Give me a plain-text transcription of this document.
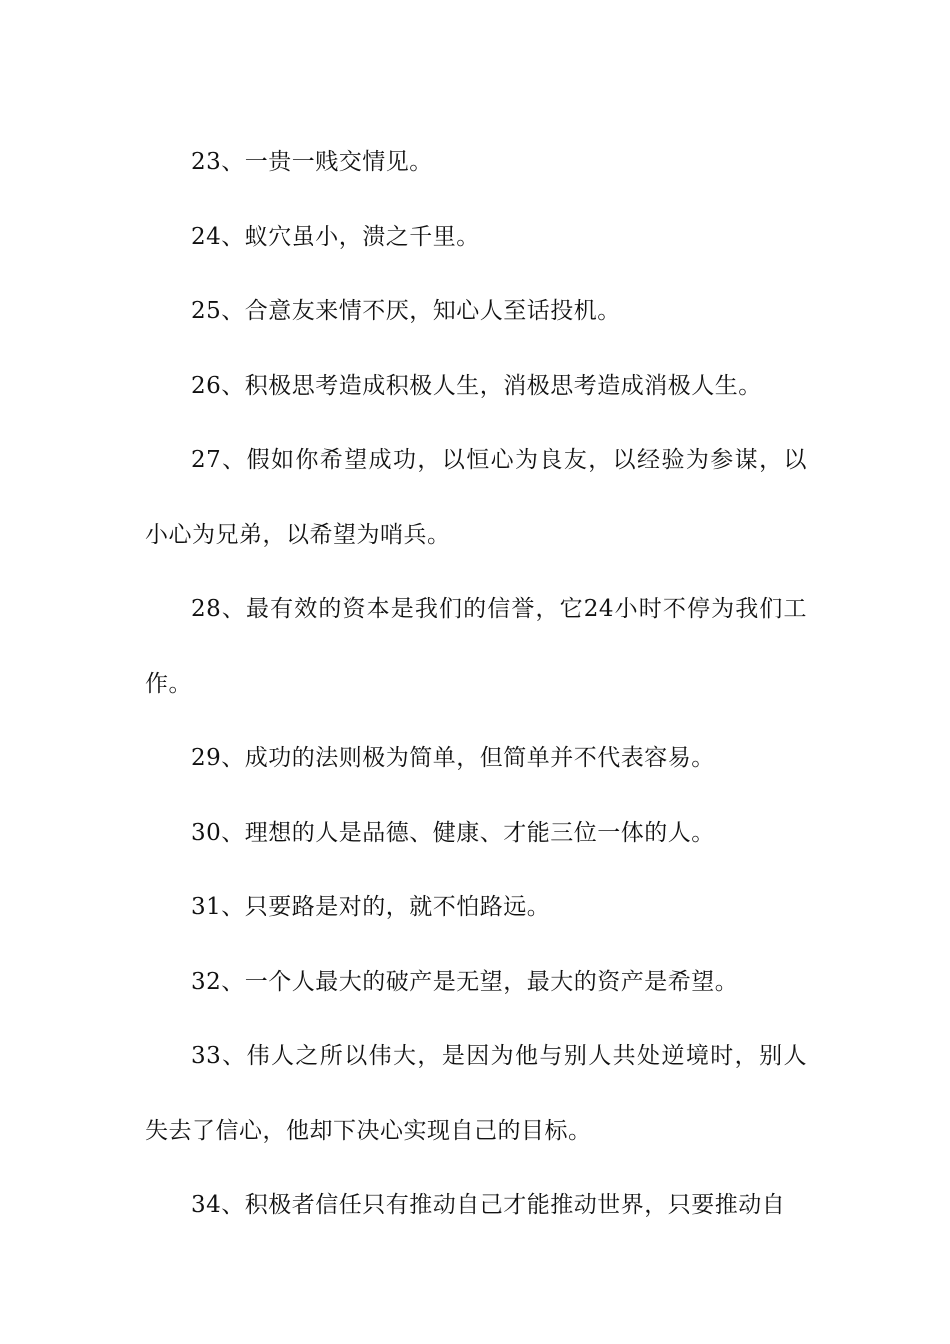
23、一贵一贱交情见。

24、蚁穴虽小，溃之千里。

25、合意友来情不厌，知心人至话投机。

26、积极思考造成积极人生，消极思考造成消极人生。

27、假如你希望成功，以恒心为良友，以经验为参谋，以小心为兄弟，以希望为哨兵。

28、最有效的资本是我们的信誉，它24小时不停为我们工作。

29、成功的法则极为简单，但简单并不代表容易。

30、理想的人是品德、健康、才能三位一体的人。

31、只要路是对的，就不怕路远。

32、一个人最大的破产是无望，最大的资产是希望。

33、伟人之所以伟大，是因为他与别人共处逆境时，别人失去了信心，他却下决心实现自己的目标。

34、积极者信任只有推动自己才能推动世界，只要推动自
